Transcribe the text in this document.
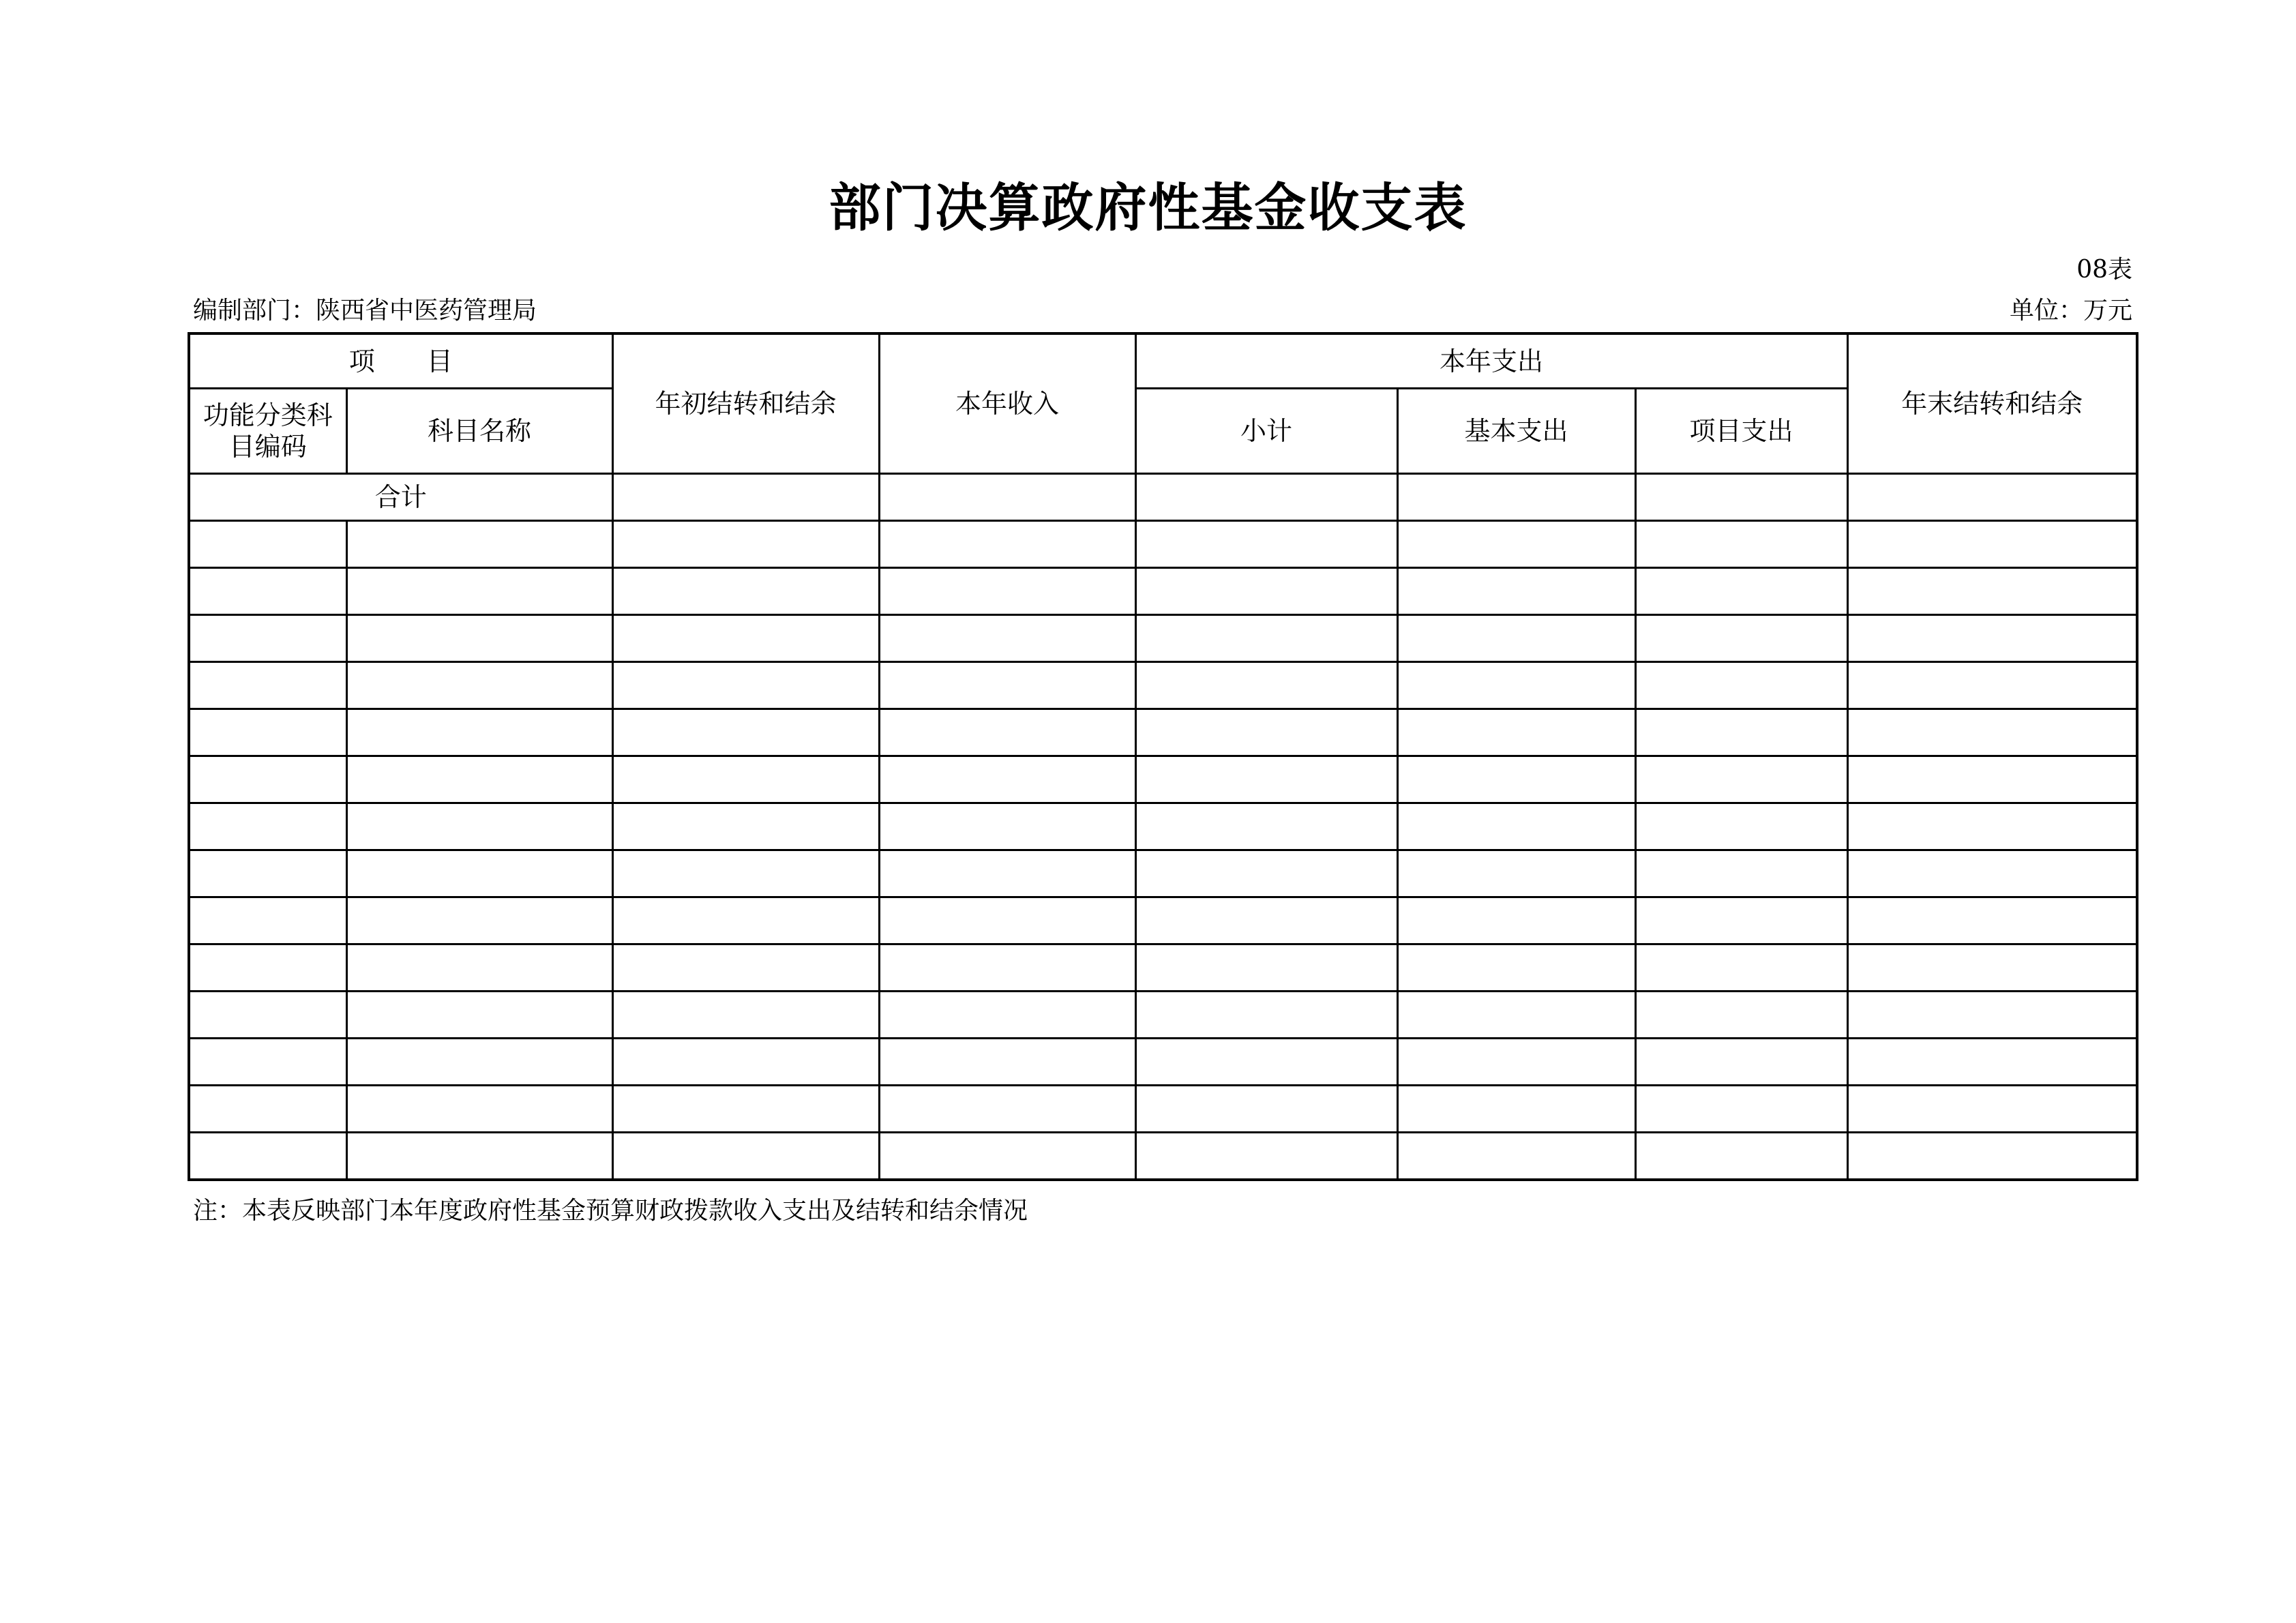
部门决算政府性基金收支表
08表
编制部门：陕西省中医药管理局	单位：万元
项　　目		年初结转和结余	本年收入	本年支出			年末结转和结余
功能分类科目编码	科目名称			小计	基本支出	项目支出	
合计							

注：本表反映部门本年度政府性基金预算财政拨款收入支出及结转和结余情况
